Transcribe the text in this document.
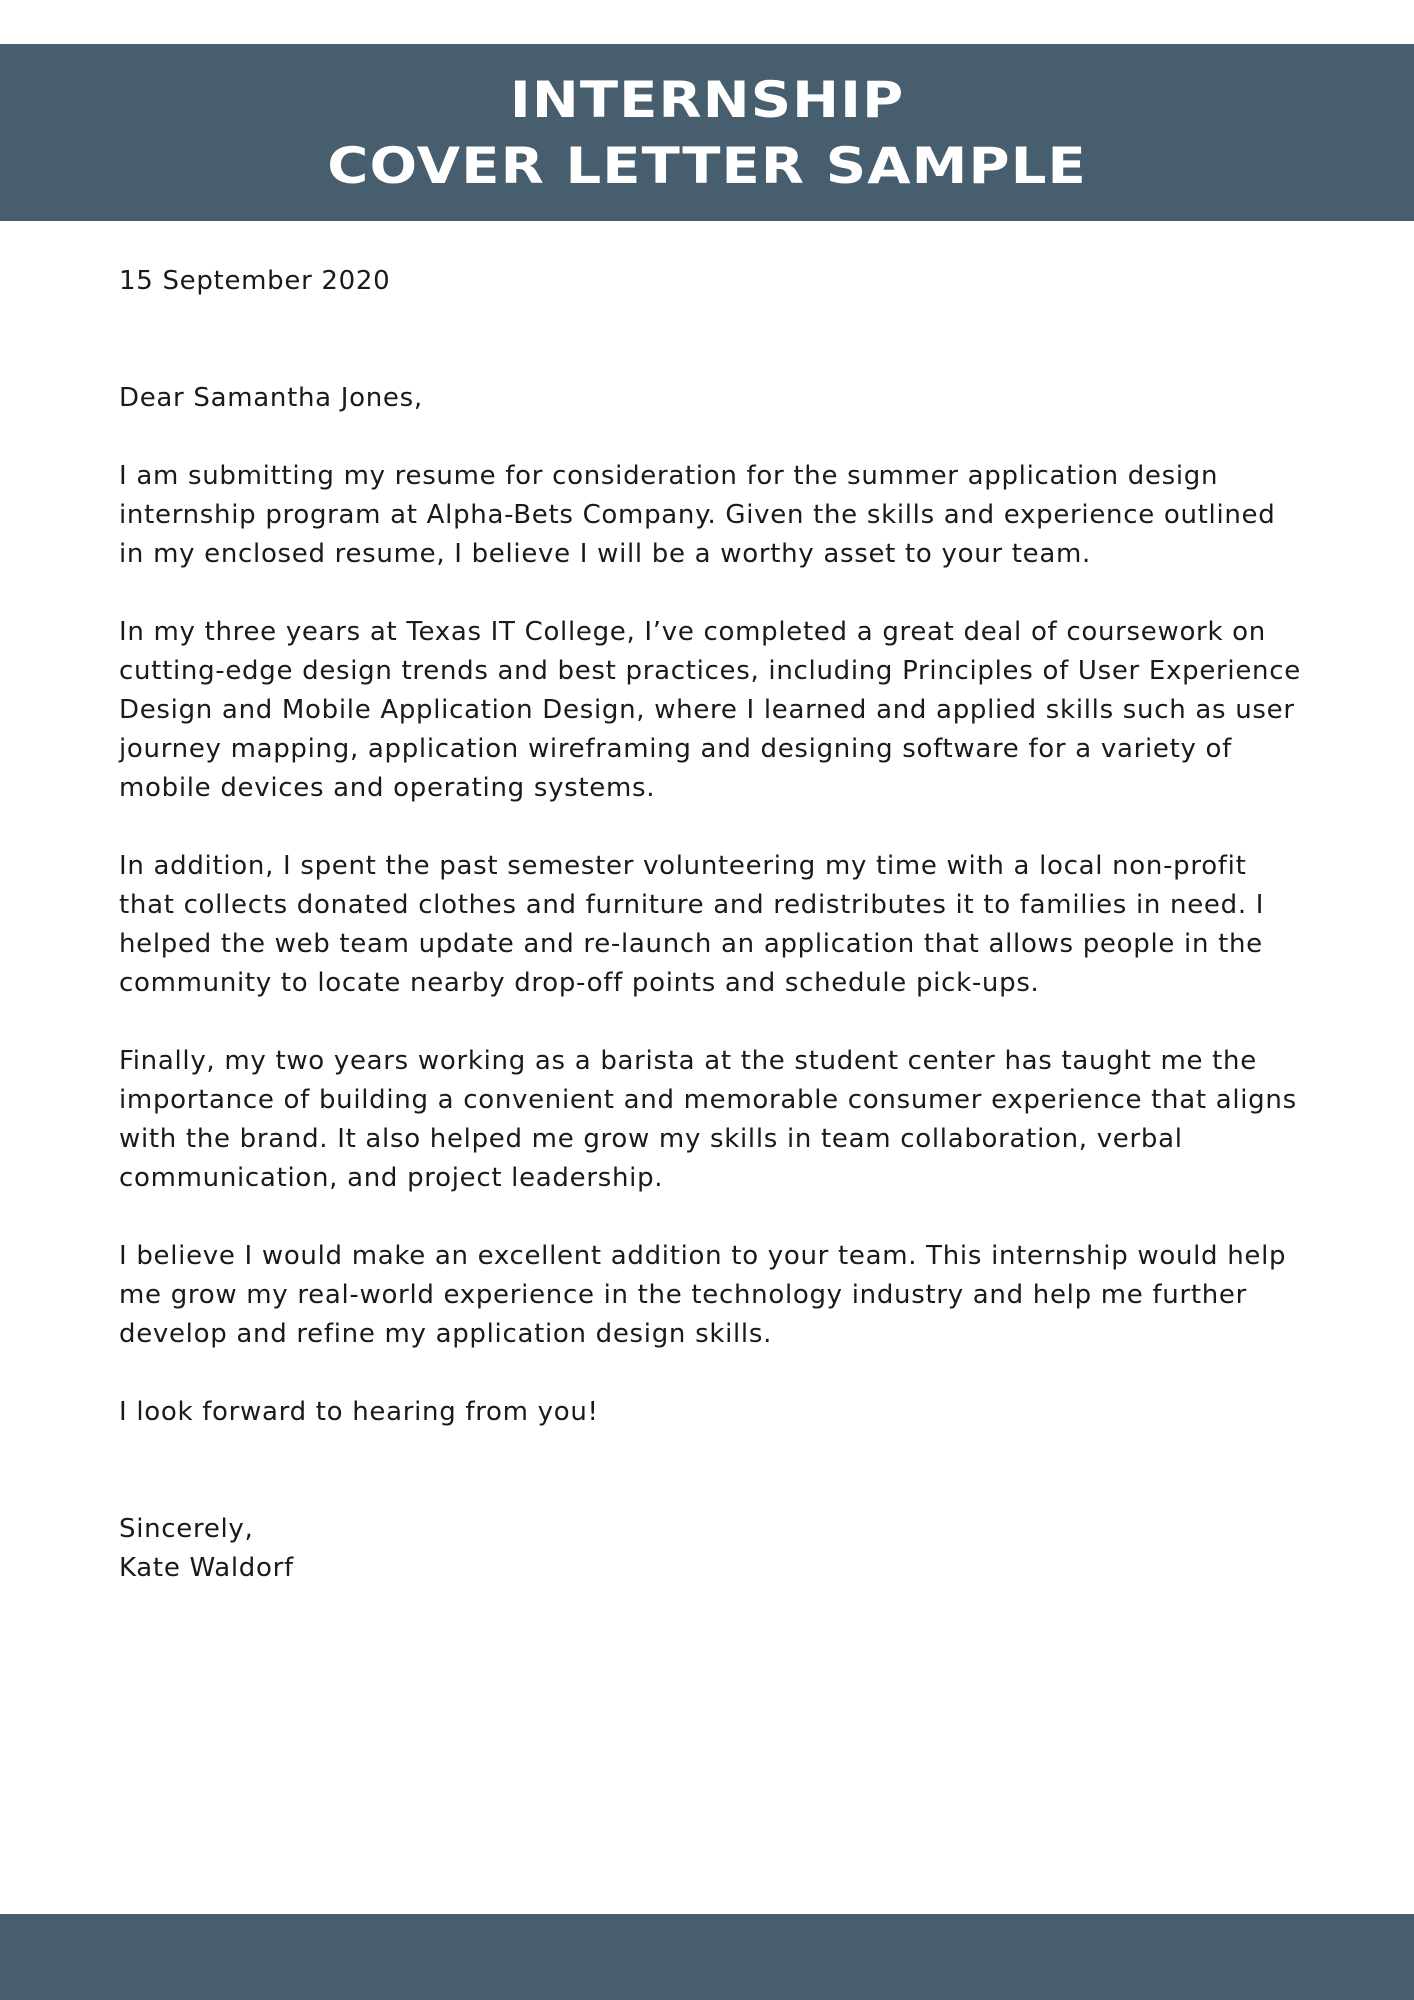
INTERNSHIP
COVER LETTER SAMPLE

15 September 2020

Dear Samantha Jones,

I am submitting my resume for consideration for the summer application design internship program at Alpha-Bets Company. Given the skills and experience outlined in my enclosed resume, I believe I will be a worthy asset to your team.

In my three years at Texas IT College, I’ve completed a great deal of coursework on cutting-edge design trends and best practices, including Principles of User Experience Design and Mobile Application Design, where I learned and applied skills such as user journey mapping, application wireframing and designing software for a variety of mobile devices and operating systems.

In addition, I spent the past semester volunteering my time with a local non-profit that collects donated clothes and furniture and redistributes it to families in need. I helped the web team update and re-launch an application that allows people in the community to locate nearby drop-off points and schedule pick-ups.

Finally, my two years working as a barista at the student center has taught me the importance of building a convenient and memorable consumer experience that aligns with the brand. It also helped me grow my skills in team collaboration, verbal communication, and project leadership.

I believe I would make an excellent addition to your team. This internship would help me grow my real-world experience in the technology industry and help me further develop and refine my application design skills.

I look forward to hearing from you!

Sincerely,

Kate Waldorf
